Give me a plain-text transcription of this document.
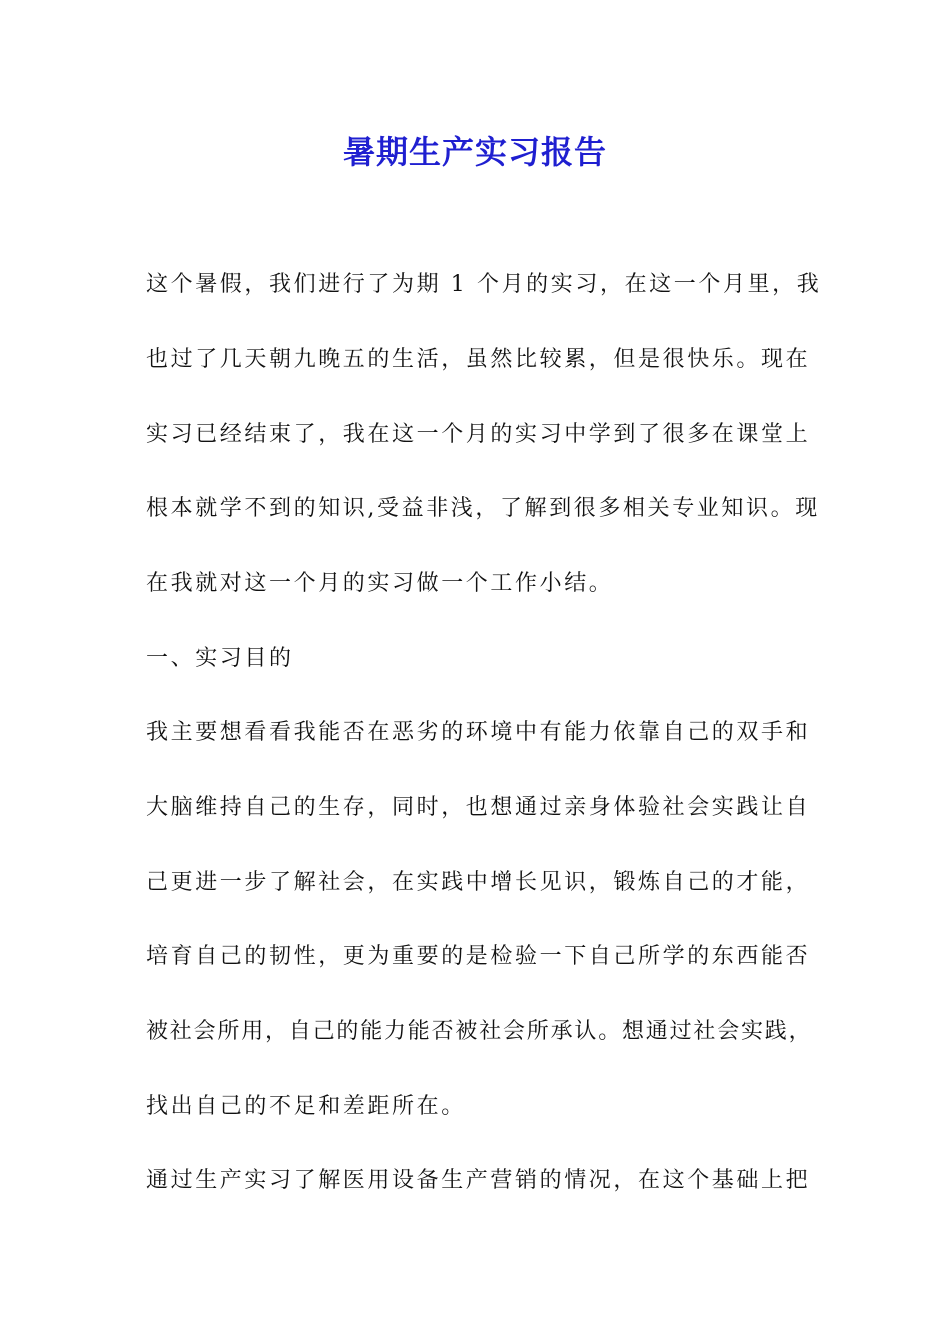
暑期生产实习报告
这个暑假，我们进行了为期 1 个月的实习，在这一个月里，我
也过了几天朝九晚五的生活，虽然比较累，但是很快乐。现在
实习已经结束了，我在这一个月的实习中学到了很多在课堂上
根本就学不到的知识,受益非浅，了解到很多相关专业知识。现
在我就对这一个月的实习做一个工作小结。
一、实习目的
我主要想看看我能否在恶劣的环境中有能力依靠自己的双手和
大脑维持自己的生存，同时，也想通过亲身体验社会实践让自
己更进一步了解社会，在实践中增长见识，锻炼自己的才能，
培育自己的韧性，更为重要的是检验一下自己所学的东西能否
被社会所用，自己的能力能否被社会所承认。想通过社会实践，
找出自己的不足和差距所在。
通过生产实习了解医用设备生产营销的情况，在这个基础上把
